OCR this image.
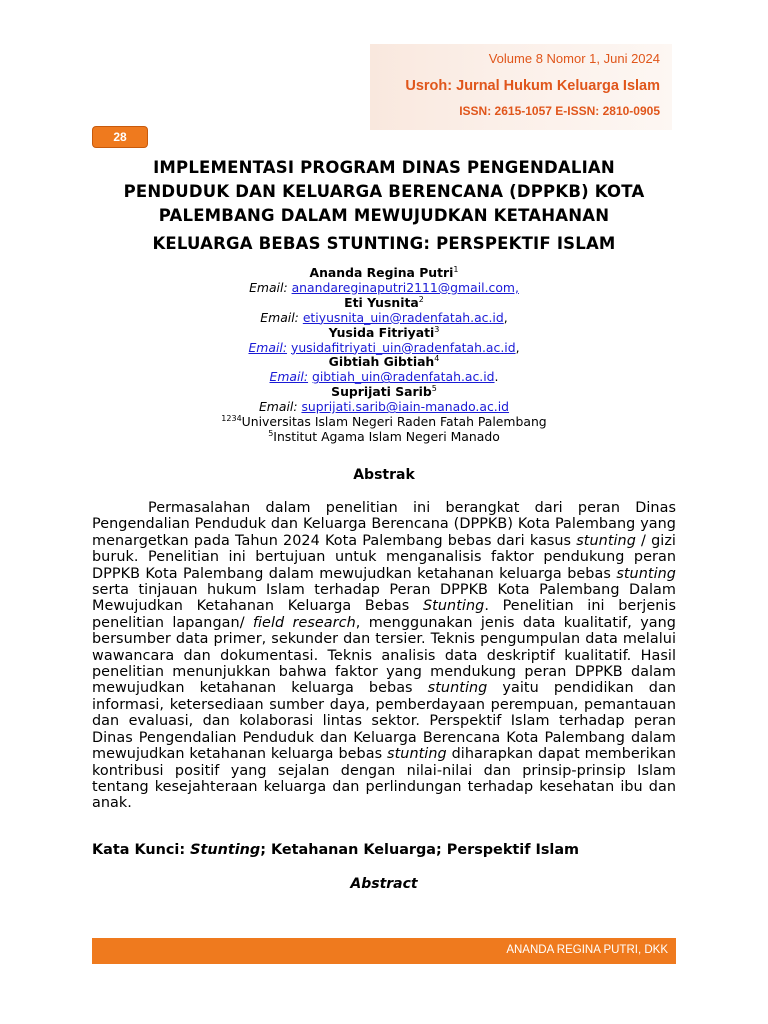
Volume 8 Nomor 1, Juni 2024
Usroh: Jurnal Hukum Keluarga Islam
ISSN: 2615-1057 E-ISSN: 2810-0905
28
IMPLEMENTASI PROGRAM DINAS PENGENDALIAN
PENDUDUK DAN KELUARGA BERENCANA (DPPKB) KOTA
PALEMBANG DALAM MEWUJUDKAN KETAHANAN
KELUARGA BEBAS STUNTING: PERSPEKTIF ISLAM
Ananda Regina Putri$^1$
Email: anandareginaputri2111@gmail.com,
Eti Yusnita$^2$
Email: etiyusnita_uin@radenfatah.ac.id,
Yusida Fitriyati$^3$
Email: yusidafitriyati_uin@radenfatah.ac.id,
Gibtiah Gibtiah$^4$
Email: gibtiah_uin@radenfatah.ac.id.
Suprijati Sarib$^5$
Email: suprijati.sarib@iain-manado.ac.id
$^{1234}$Universitas Islam Negeri Raden Fatah Palembang
$^5$Institut Agama Islam Negeri Manado
Abstrak

Permasalahan dalam penelitian ini berangkat dari peran Dinas Pengendalian Penduduk dan Keluarga Berencana (DPPKB) Kota Palembang yang menargetkan pada Tahun 2024 Kota Palembang bebas dari kasus stunting / gizi buruk. Penelitian ini bertujuan untuk menganalisis faktor pendukung peran DPPKB Kota Palembang dalam mewujudkan ketahanan keluarga bebas stunting serta tinjauan hukum Islam terhadap Peran DPPKB Kota Palembang Dalam Mewujudkan Ketahanan Keluarga Bebas Stunting. Penelitian ini berjenis penelitian lapangan/ field research, menggunakan jenis data kualitatif, yang bersumber data primer, sekunder dan tersier. Teknis pengumpulan data melalui wawancara dan dokumentasi. Teknis analisis data deskriptif kualitatif. Hasil penelitian menunjukkan bahwa faktor yang mendukung peran DPPKB dalam mewujudkan ketahanan keluarga bebas stunting yaitu pendidikan dan informasi, ketersediaan sumber daya, pemberdayaan perempuan, pemantauan dan evaluasi, dan kolaborasi lintas sektor. Perspektif Islam terhadap peran Dinas Pengendalian Penduduk dan Keluarga Berencana Kota Palembang dalam mewujudkan ketahanan keluarga bebas stunting diharapkan dapat memberikan kontribusi positif yang sejalan dengan nilai-nilai dan prinsip-prinsip Islam tentang kesejahteraan keluarga dan perlindungan terhadap kesehatan ibu dan anak.

Kata Kunci: Stunting; Ketahanan Keluarga; Perspektif Islam
Abstract
ANANDA REGINA PUTRI, DKK
